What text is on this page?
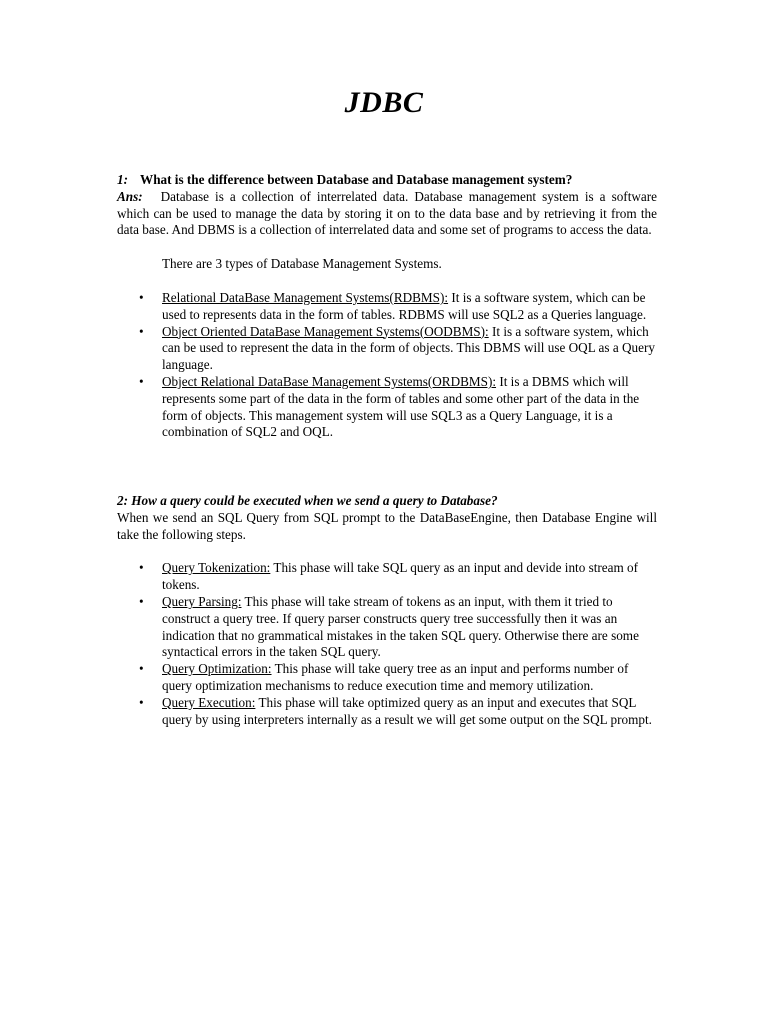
JDBC

1: What is the difference between Database and Database management system?

Ans: Database is a collection of interrelated data. Database management system is a software which can be used to manage the data by storing it on to the data base and by retrieving it from the data base. And DBMS is a collection of interrelated data and some set of programs to access the data.

There are 3 types of Database Management Systems.

• Relational DataBase Management Systems(RDBMS): It is a software system, which can be used to represents data in the form of tables. RDBMS will use SQL2 as a Queries language.
• Object Oriented DataBase Management Systems(OODBMS): It is a software system, which can be used to represent the data in the form of objects. This DBMS will use OQL as a Query language.
• Object Relational DataBase Management Systems(ORDBMS): It is a DBMS which will represents some part of the data in the form of tables and some other part of the data in the form of objects. This management system will use SQL3 as a Query Language, it is a combination of SQL2 and OQL.

2: How a query could be executed when we send a query to Database?

When we send an SQL Query from SQL prompt to the DataBaseEngine, then Database Engine will take the following steps.

• Query Tokenization: This phase will take SQL query as an input and devide into stream of tokens.
• Query Parsing: This phase will take stream of tokens as an input, with them it tried to construct a query tree. If query parser constructs query tree successfully then it was an indication that no grammatical mistakes in the taken SQL query. Otherwise there are some syntactical errors in the taken SQL query.
• Query Optimization: This phase will take query tree as an input and performs number of query optimization mechanisms to reduce execution time and memory utilization.
• Query Execution: This phase will take optimized query as an input and executes that SQL query by using interpreters internally as a result we will get some output on the SQL prompt.
